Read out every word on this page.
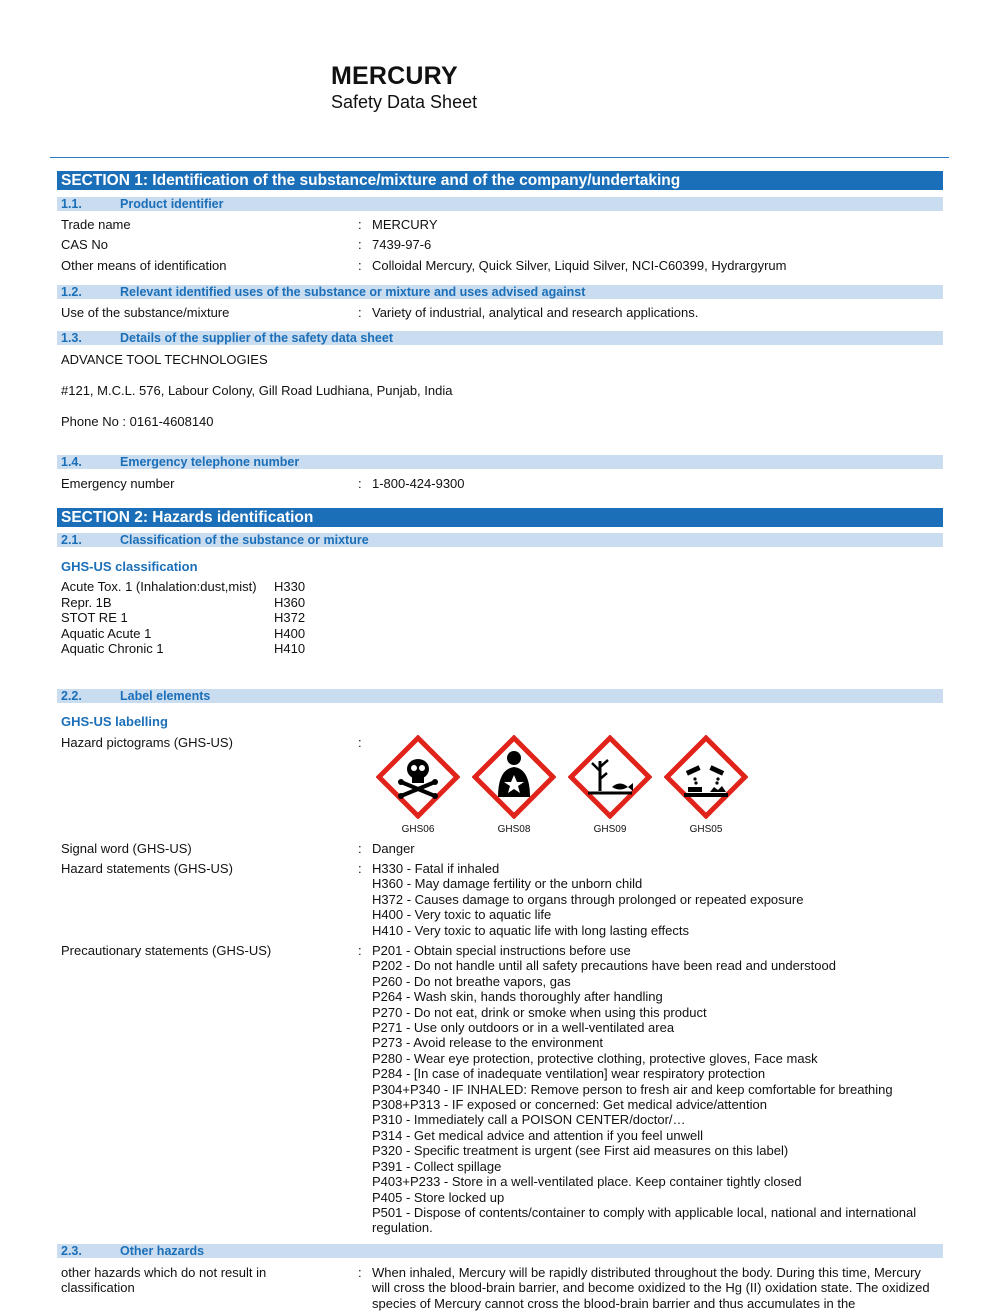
MERCURY
Safety Data Sheet
SECTION 1: Identification of the substance/mixture and of the company/undertaking
1.1.	Product identifier
Trade name	: MERCURY
CAS No	: 7439-97-6
Other means of identification	: Colloidal Mercury, Quick Silver, Liquid Silver, NCI-C60399, Hydrargyrum
1.2.	Relevant identified uses of the substance or mixture and uses advised against
Use of the substance/mixture	: Variety of industrial, analytical and research applications.
1.3.	Details of the supplier of the safety data sheet
ADVANCE TOOL TECHNOLOGIES
#121, M.C.L. 576, Labour Colony, Gill Road Ludhiana, Punjab, India
Phone No : 0161-4608140
1.4.	Emergency telephone number
Emergency number	: 1-800-424-9300
SECTION 2: Hazards identification
2.1.	Classification of the substance or mixture
GHS-US classification
Acute Tox. 1 (Inhalation:dust,mist)	H330
Repr. 1B	H360
STOT RE 1	H372
Aquatic Acute 1	H400
Aquatic Chronic 1	H410
2.2.	Label elements
GHS-US labelling
Hazard pictograms (GHS-US)	:
GHS06	GHS08	GHS09	GHS05
Signal word (GHS-US)	: Danger
Hazard statements (GHS-US)	: H330 - Fatal if inhaled
H360 - May damage fertility or the unborn child
H372 - Causes damage to organs through prolonged or repeated exposure
H400 - Very toxic to aquatic life
H410 - Very toxic to aquatic life with long lasting effects
Precautionary statements (GHS-US)	: P201 - Obtain special instructions before use
P202 - Do not handle until all safety precautions have been read and understood
P260 - Do not breathe vapors, gas
P264 - Wash skin, hands thoroughly after handling
P270 - Do not eat, drink or smoke when using this product
P271 - Use only outdoors or in a well-ventilated area
P273 - Avoid release to the environment
P280 - Wear eye protection, protective clothing, protective gloves, Face mask
P284 - [In case of inadequate ventilation] wear respiratory protection
P304+P340 - IF INHALED: Remove person to fresh air and keep comfortable for breathing
P308+P313 - IF exposed or concerned: Get medical advice/attention
P310 - Immediately call a POISON CENTER/doctor/…
P314 - Get medical advice and attention if you feel unwell
P320 - Specific treatment is urgent (see First aid measures on this label)
P391 - Collect spillage
P403+P233 - Store in a well-ventilated place. Keep container tightly closed
P405 - Store locked up
P501 - Dispose of contents/container to comply with applicable local, national and international regulation.
2.3.	Other hazards
other hazards which do not result in classification
: When inhaled, Mercury will be rapidly distributed throughout the body. During this time, Mercury will cross the blood-brain barrier, and become oxidized to the Hg (II) oxidation state. The oxidized species of Mercury cannot cross the blood-brain barrier and thus accumulates in the
